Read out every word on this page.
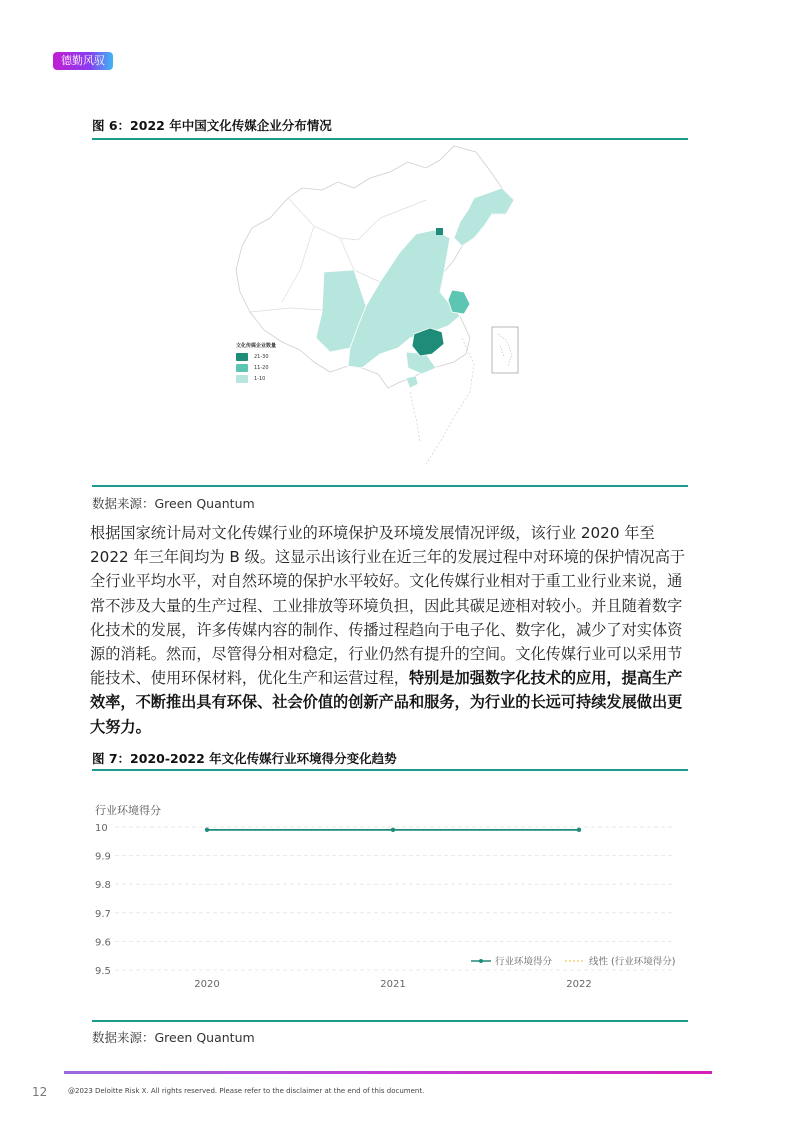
德勤风驭
图 6：2022 年中国文化传媒企业分布情况
文化传媒企业数量
21-30
11-20
1-10
数据来源：Green Quantum
根据国家统计局对文化传媒行业的环境保护及环境发展情况评级，该行业 2020 年至 2022 年三年间均为 B 级。这显示出该行业在近三年的发展过程中对环境的保护情况高于全行业平均水平，对自然环境的保护水平较好。文化传媒行业相对于重工业行业来说，通常不涉及大量的生产过程、工业排放等环境负担，因此其碳足迹相对较小。并且随着数字化技术的发展，许多传媒内容的制作、传播过程趋向于电子化、数字化，减少了对实体资源的消耗。然而，尽管得分相对稳定，行业仍然有提升的空间。文化传媒行业可以采用节能技术、使用环保材料，优化生产和运营过程，特别是加强数字化技术的应用，提高生产效率，不断推出具有环保、社会价值的创新产品和服务，为行业的长远可持续发展做出更大努力。
图 7：2020-2022 年文化传媒行业环境得分变化趋势
行业环境得分
10
9.9
9.8
9.7
9.6
9.5
2020	2021	2022
行业环境得分	线性 (行业环境得分)
数据来源：Green Quantum
12	@2023 Deloitte Risk X. All rights reserved. Please refer to the disclaimer at the end of this document.
